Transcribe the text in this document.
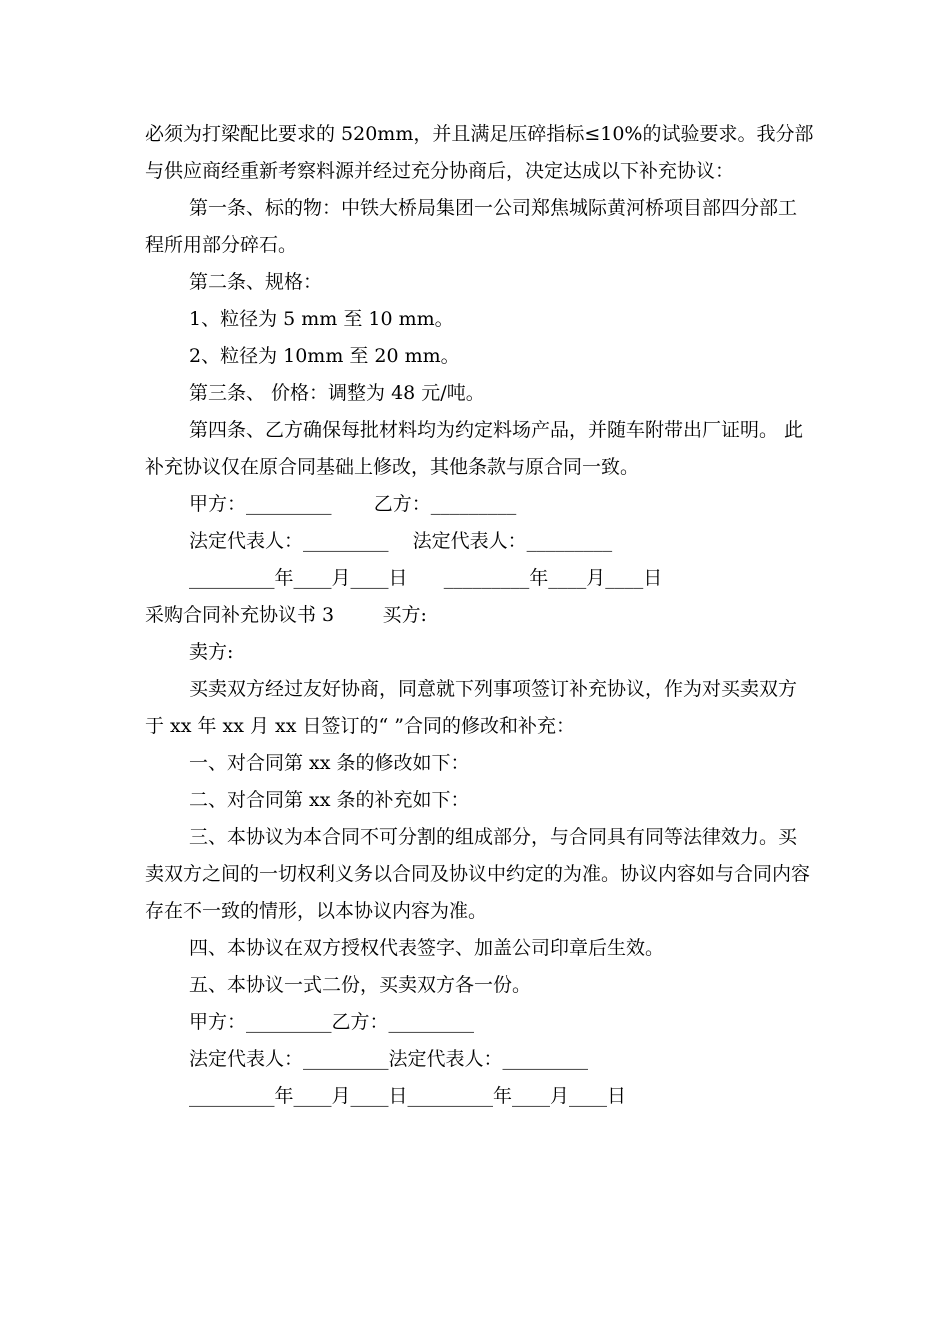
必须为打梁配比要求的 520mm，并且满足压碎指标≤10%的试验要求。我分部与供应商经重新考察料源并经过充分协商后，决定达成以下补充协议：

第一条、标的物：中铁大桥局集团一公司郑焦城际黄河桥项目部四分部工程所用部分碎石。

第二条、规格：

1、粒径为 5 mm 至 10 mm。

2、粒径为 10mm 至 20 mm。

第三条、 价格：调整为 48 元/吨。

第四条、乙方确保每批材料均为约定料场产品，并随车附带出厂证明。 此补充协议仅在原合同基础上修改，其他条款与原合同一致。

甲方：_________       乙方：_________

法定代表人：_________    法定代表人：_________

_________年____月____日      _________年____月____日

采购合同补充协议书 3        买方:

卖方:

买卖双方经过友好协商，同意就下列事项签订补充协议，作为对买卖双方于 xx 年 xx 月 xx 日签订的“ ”合同的修改和补充：

一、对合同第 xx 条的修改如下：

二、对合同第 xx 条的补充如下：

三、本协议为本合同不可分割的组成部分，与合同具有同等法律效力。买卖双方之间的一切权利义务以合同及协议中约定的为准。协议内容如与合同内容存在不一致的情形，以本协议内容为准。

四、本协议在双方授权代表签字、加盖公司印章后生效。

五、本协议一式二份，买卖双方各一份。

甲方：_________乙方：_________

法定代表人：_________法定代表人：_________

_________年____月____日_________年____月____日
